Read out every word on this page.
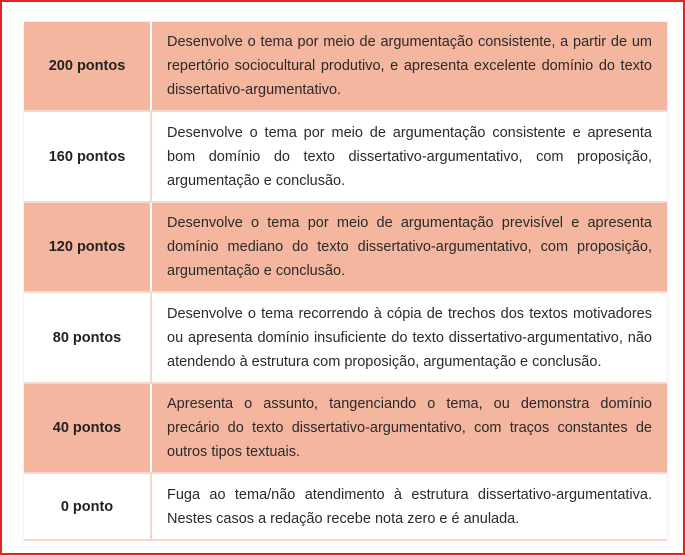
200 pontos
Desenvolve o tema por meio de argumentação consistente, a partir de um repertório sociocultural produtivo, e apresenta excelente domínio do texto dissertativo-argumentativo.
160 pontos
Desenvolve o tema por meio de argumentação consistente e apresenta bom domínio do texto dissertativo-argumentativo, com proposição, argumentação e conclusão.
120 pontos
Desenvolve o tema por meio de argumentação previsível e apresenta domínio mediano do texto dissertativo-argumentativo, com proposição, argumentação e conclusão.
80 pontos
Desenvolve o tema recorrendo à cópia de trechos dos textos motivadores ou apresenta domínio insuficiente do texto dissertativo-argumentativo, não atendendo à estrutura com proposição, argumentação e conclusão.
40 pontos
Apresenta o assunto, tangenciando o tema, ou demonstra domínio precário do texto dissertativo-argumentativo, com traços constantes de outros tipos textuais.
0 ponto
Fuga ao tema/não atendimento à estrutura dissertativo-argumentativa. Nestes casos a redação recebe nota zero e é anulada.
